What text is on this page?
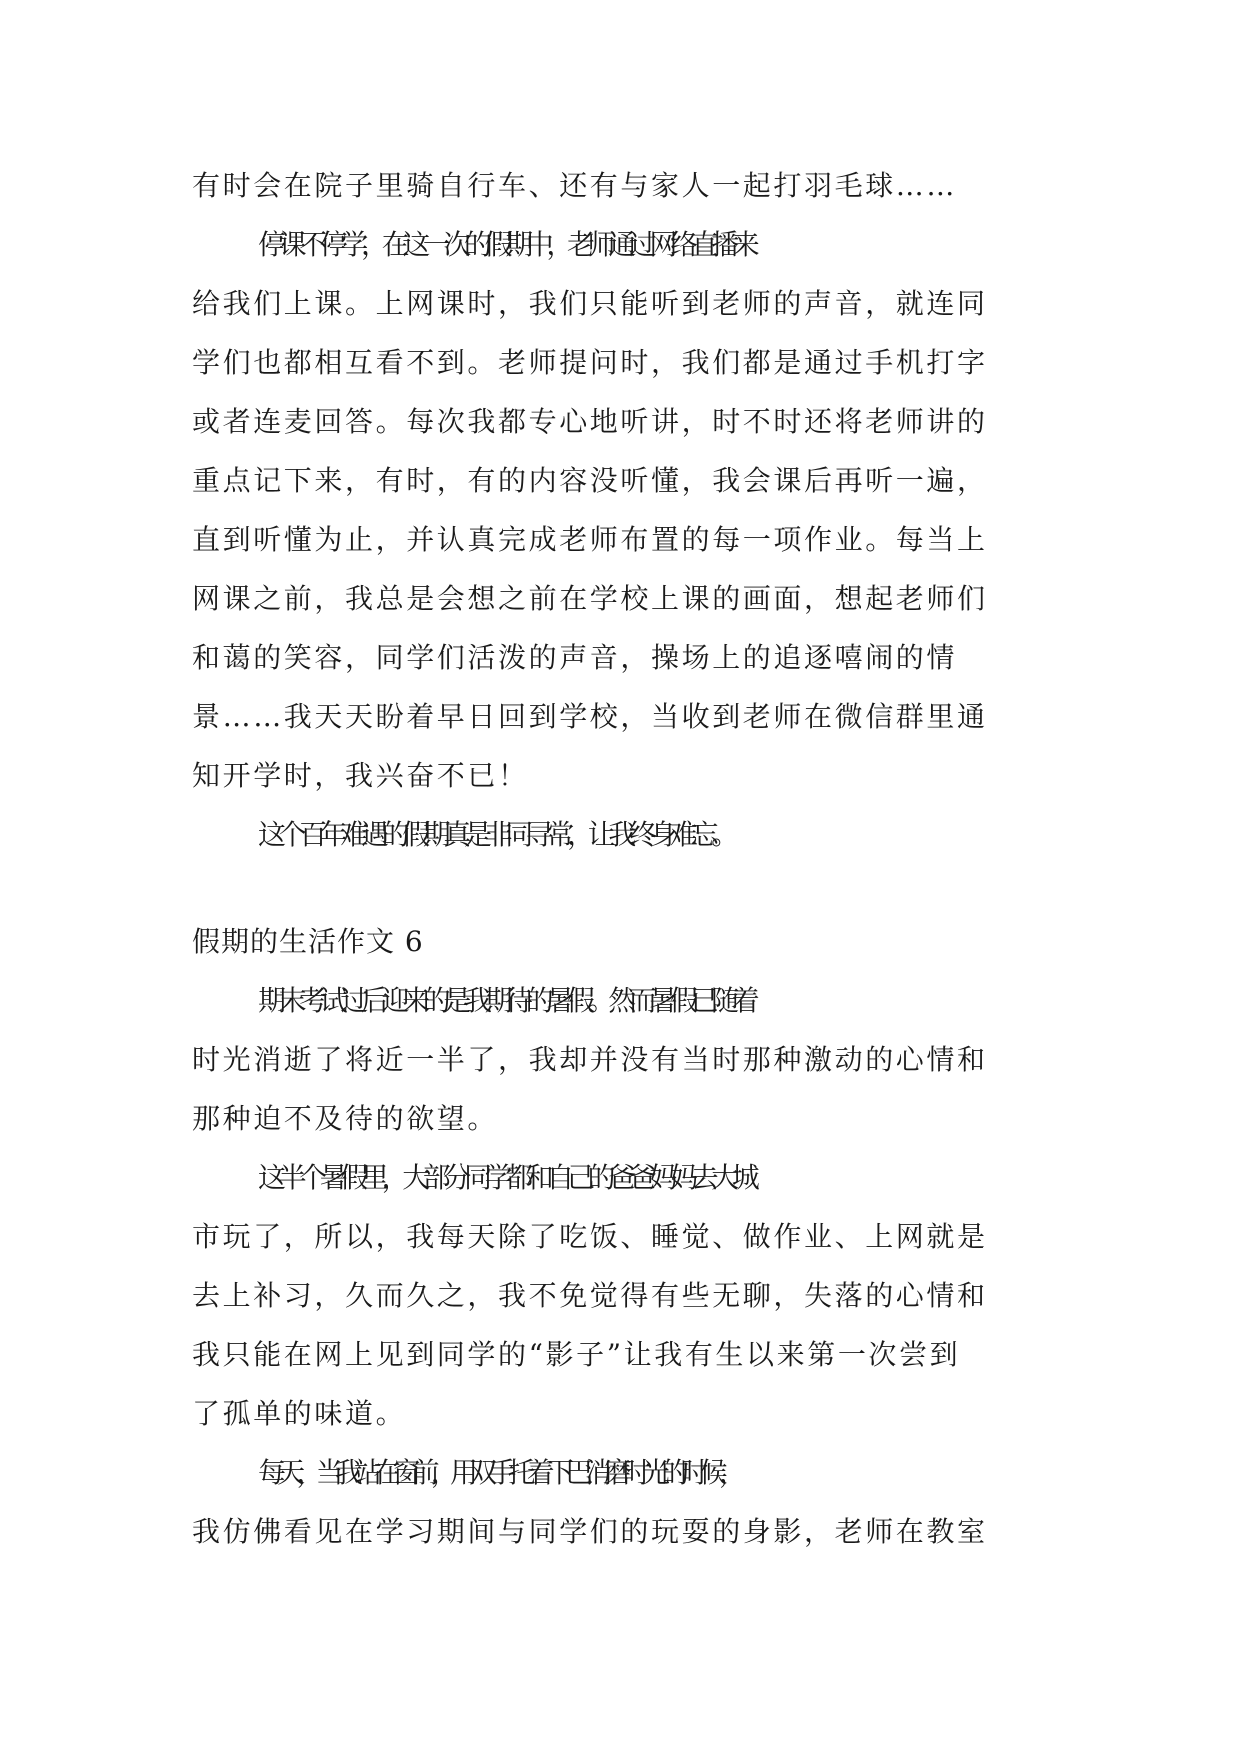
有时会在院子里骑自行车、还有与家人一起打羽毛球……
停课不停学，在这一次的假期中，老师通过网络直播来
给我们上课。上网课时，我们只能听到老师的声音，就连同
学们也都相互看不到。老师提问时，我们都是通过手机打字
或者连麦回答。每次我都专心地听讲，时不时还将老师讲的
重点记下来，有时，有的内容没听懂，我会课后再听一遍，
直到听懂为止，并认真完成老师布置的每一项作业。每当上
网课之前，我总是会想之前在学校上课的画面，想起老师们
和蔼的笑容，同学们活泼的声音，操场上的追逐嘻闹的情
景……我天天盼着早日回到学校，当收到老师在微信群里通
知开学时，我兴奋不已！
这个百年难遇的假期真是非同寻常，让我终身难忘。
假期的生活作文 6
期末考试过后迎来的是我期待的暑假。然而暑假已随着
时光消逝了将近一半了，我却并没有当时那种激动的心情和
那种迫不及待的欲望。
这半个暑假里，大部分同学都和自己的爸爸妈妈去大城
市玩了，所以，我每天除了吃饭、睡觉、做作业、上网就是
去上补习，久而久之，我不免觉得有些无聊，失落的心情和
我只能在网上见到同学的“影子”让我有生以来第一次尝到
了孤单的味道。
每天，当我站在窗前，用双手托着下巴消磨时光的时候，
我仿佛看见在学习期间与同学们的玩耍的身影，老师在教室
